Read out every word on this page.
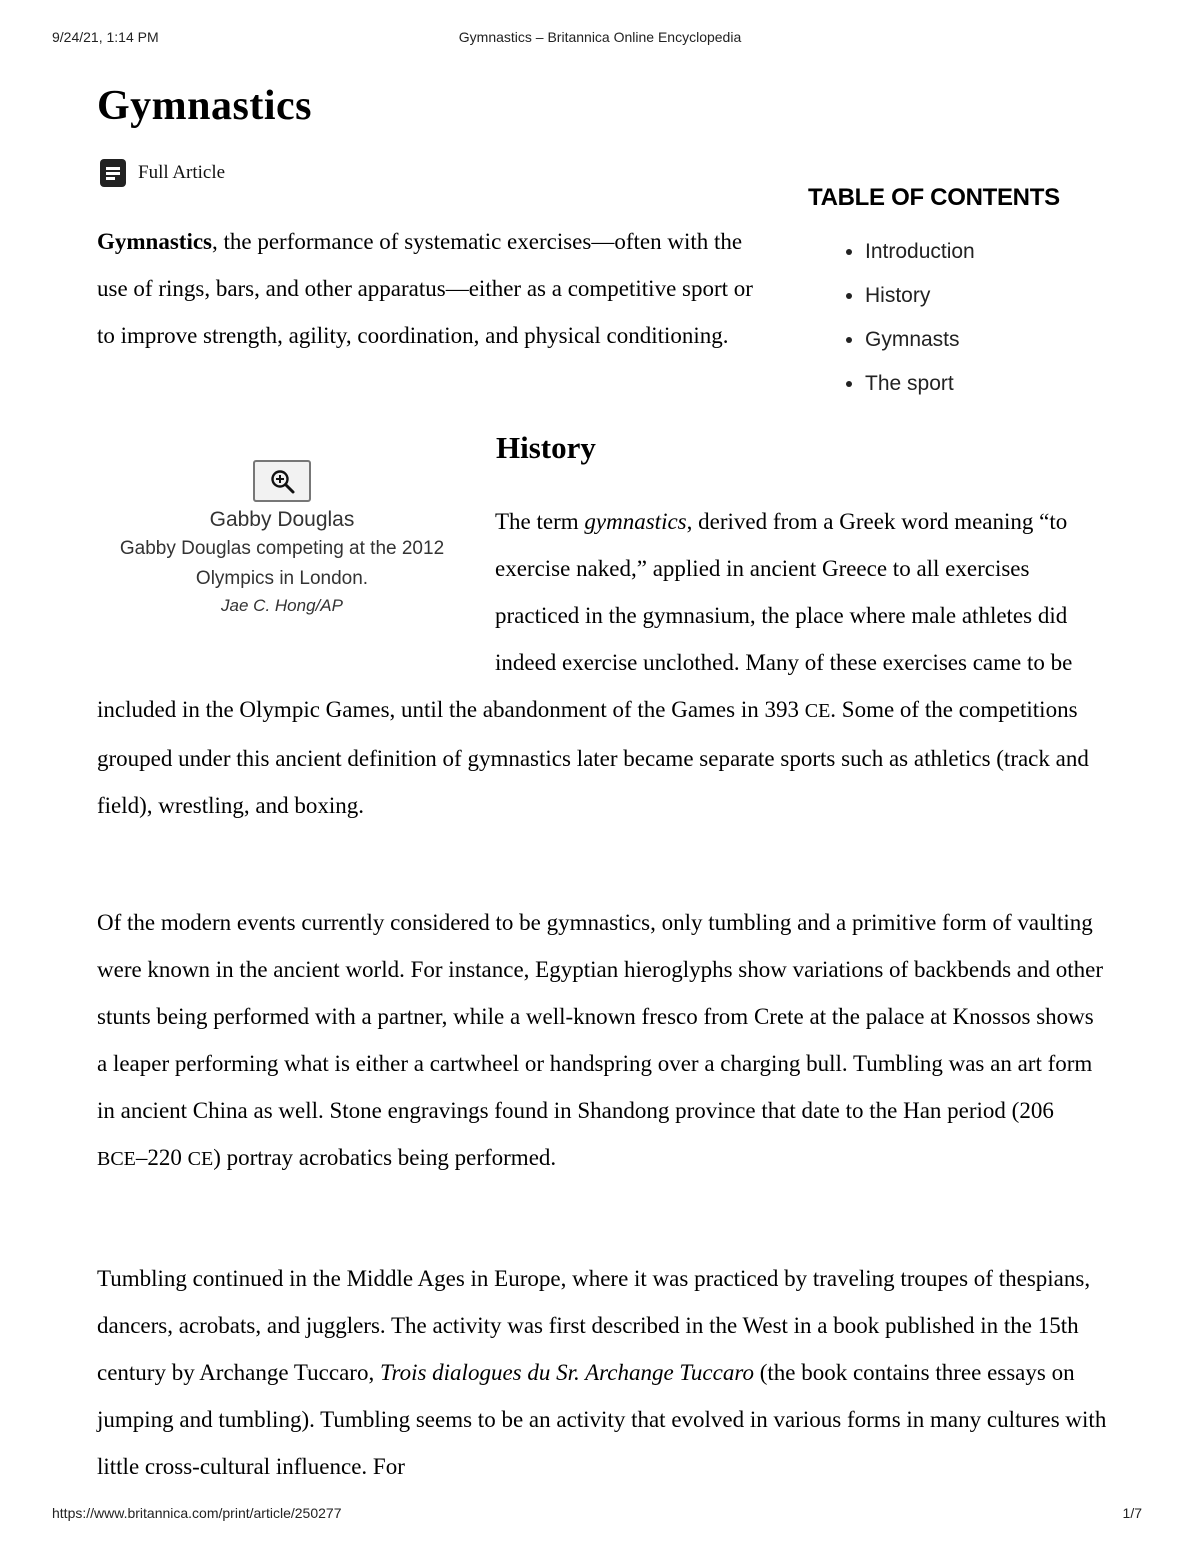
9/24/21, 1:14 PM	Gymnastics – Britannica Online Encyclopedia
Gymnastics
Full Article
TABLE OF CONTENTS
• Introduction
• History
• Gymnasts
• The sport

Gymnastics, the performance of systematic exercises—often with the use of rings, bars, and other apparatus—either as a competitive sport or to improve strength, agility, coordination, and physical conditioning.

Gabby Douglas
Gabby Douglas competing at the 2012 Olympics in London.
Jae C. Hong/AP
History

The term gymnastics, derived from a Greek word meaning “to exercise naked,” applied in ancient Greece to all exercises practiced in the gymnasium, the place where male athletes did indeed exercise unclothed. Many of these exercises came to be included in the Olympic Games, until the abandonment of the Games in 393 CE. Some of the competitions grouped under this ancient definition of gymnastics later became separate sports such as athletics (track and field), wrestling, and boxing.

Of the modern events currently considered to be gymnastics, only tumbling and a primitive form of vaulting were known in the ancient world. For instance, Egyptian hieroglyphs show variations of backbends and other stunts being performed with a partner, while a well-known fresco from Crete at the palace at Knossos shows a leaper performing what is either a cartwheel or handspring over a charging bull. Tumbling was an art form in ancient China as well. Stone engravings found in Shandong province that date to the Han period (206 BCE–220 CE) portray acrobatics being performed.

Tumbling continued in the Middle Ages in Europe, where it was practiced by traveling troupes of thespians, dancers, acrobats, and jugglers. The activity was first described in the West in a book published in the 15th century by Archange Tuccaro, Trois dialogues du Sr. Archange Tuccaro (the book contains three essays on jumping and tumbling). Tumbling seems to be an activity that evolved in various forms in many cultures with little cross-cultural influence. For

https://www.britannica.com/print/article/250277	1/7
